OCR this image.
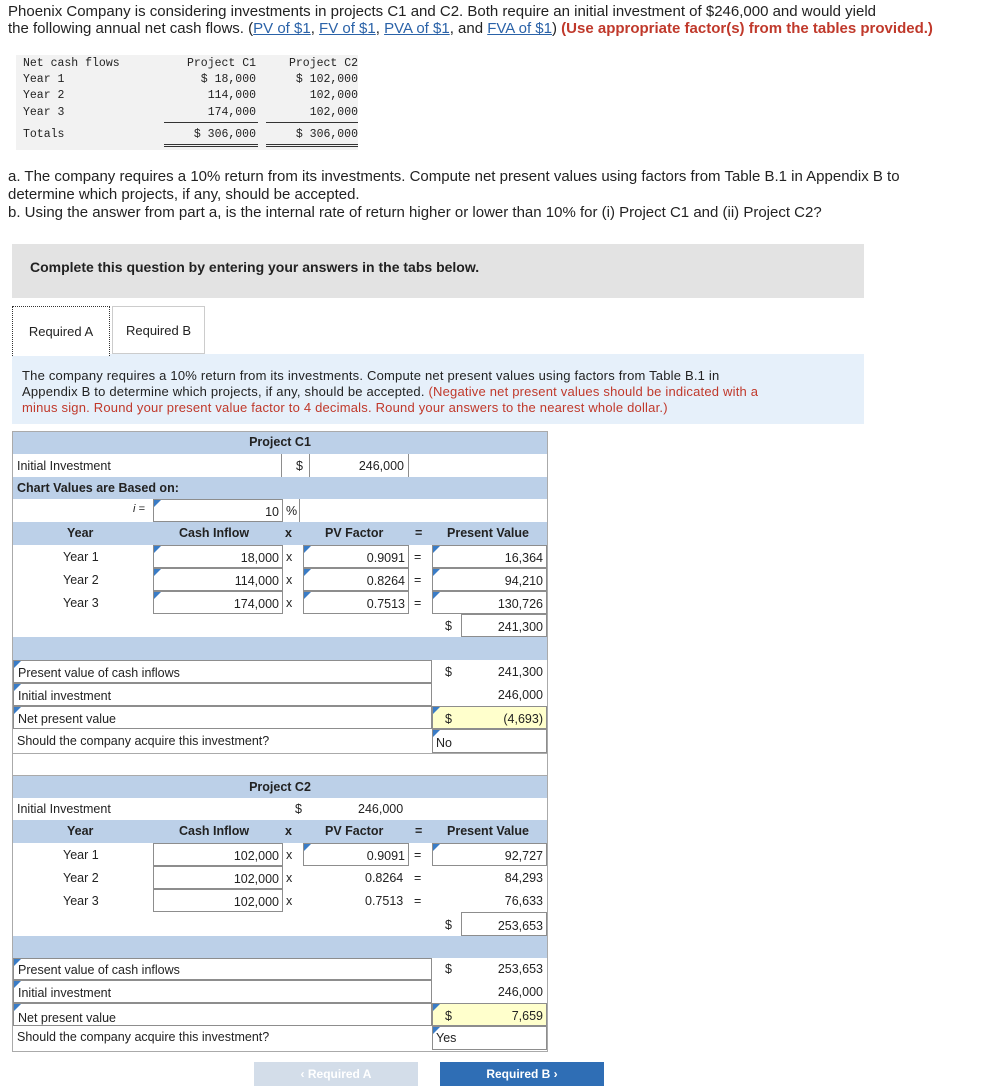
Phoenix Company is considering investments in projects C1 and C2. Both require an initial investment of $246,000 and would yield
the following annual net cash flows. (PV of $1, FV of $1, PVA of $1, and FVA of $1) (Use appropriate factor(s) from the tables provided.)
Net cash flows	Project C1	Project C2
Year 1	$ 18,000	$ 102,000
Year 2	114,000	102,000
Year 3	174,000	102,000
Totals	$ 306,000	$ 306,000
a. The company requires a 10% return from its investments. Compute net present values using factors from Table B.1 in Appendix B to
determine which projects, if any, should be accepted.
b. Using the answer from part a, is the internal rate of return higher or lower than 10% for (i) Project C1 and (ii) Project C2?
Complete this question by entering your answers in the tabs below.
Required A	Required B
The company requires a 10% return from its investments. Compute net present values using factors from Table B.1 in
Appendix B to determine which projects, if any, should be accepted. (Negative net present values should be indicated with a
minus sign. Round your present value factor to 4 decimals. Round your answers to the nearest whole dollar.)
Project C1
Initial Investment	$	246,000
Chart Values are Based on:
i =	10 %
Year	Cash Inflow	x	PV Factor	= Present Value
Year 1	18,000 x	0.9091 =	16,364
Year 2	114,000 x	0.8264 =	94,210
Year 3	174,000 x	0.7513 =	130,726
$	241,300
Present value of cash inflows	$	241,300
Initial investment	246,000
Net present value	$	(4,693)
Should the company acquire this investment?	No
Project C2
Initial Investment	$	246,000
Year	Cash Inflow	x	PV Factor	= Present Value
Year 1	102,000 x	0.9091 =	92,727
Year 2	102,000 x	0.8264 =	84,293
Year 3	102,000 x	0.7513 =	76,633
$	253,653
Present value of cash inflows	$	253,653
Initial investment	246,000
Net present value	$	7,659
Should the company acquire this investment?	Yes
‹ Required A	Required B ›
